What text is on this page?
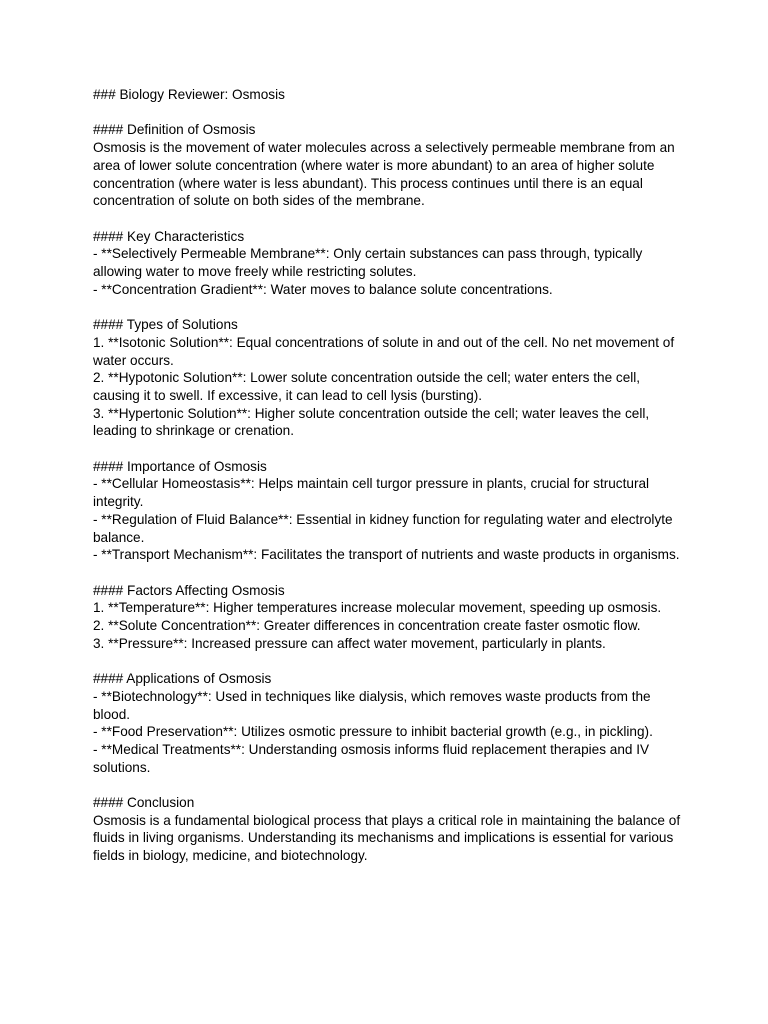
### Biology Reviewer: Osmosis
#### Definition of Osmosis
Osmosis is the movement of water molecules across a selectively permeable membrane from an area of lower solute concentration (where water is more abundant) to an area of higher solute concentration (where water is less abundant). This process continues until there is an equal concentration of solute on both sides of the membrane.
#### Key Characteristics
- **Selectively Permeable Membrane**: Only certain substances can pass through, typically allowing water to move freely while restricting solutes.
- **Concentration Gradient**: Water moves to balance solute concentrations.
#### Types of Solutions
1. **Isotonic Solution**: Equal concentrations of solute in and out of the cell. No net movement of water occurs.
2. **Hypotonic Solution**: Lower solute concentration outside the cell; water enters the cell, causing it to swell. If excessive, it can lead to cell lysis (bursting).
3. **Hypertonic Solution**: Higher solute concentration outside the cell; water leaves the cell, leading to shrinkage or crenation.
#### Importance of Osmosis
- **Cellular Homeostasis**: Helps maintain cell turgor pressure in plants, crucial for structural integrity.
- **Regulation of Fluid Balance**: Essential in kidney function for regulating water and electrolyte balance.
- **Transport Mechanism**: Facilitates the transport of nutrients and waste products in organisms.
#### Factors Affecting Osmosis
1. **Temperature**: Higher temperatures increase molecular movement, speeding up osmosis.
2. **Solute Concentration**: Greater differences in concentration create faster osmotic flow.
3. **Pressure**: Increased pressure can affect water movement, particularly in plants.
#### Applications of Osmosis
- **Biotechnology**: Used in techniques like dialysis, which removes waste products from the blood.
- **Food Preservation**: Utilizes osmotic pressure to inhibit bacterial growth (e.g., in pickling).
- **Medical Treatments**: Understanding osmosis informs fluid replacement therapies and IV solutions.
#### Conclusion
Osmosis is a fundamental biological process that plays a critical role in maintaining the balance of fluids in living organisms. Understanding its mechanisms and implications is essential for various fields in biology, medicine, and biotechnology.
